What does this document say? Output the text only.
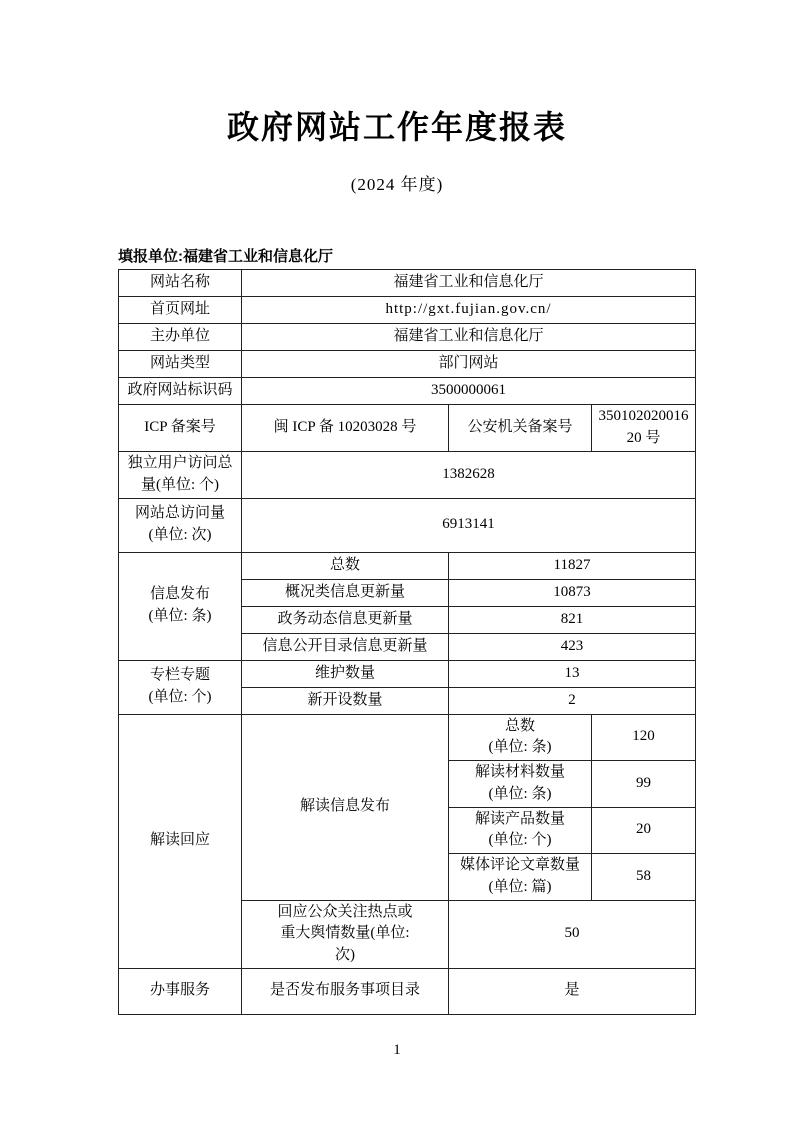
政府网站工作年度报表
(2024 年度)
填报单位:福建省工业和信息化厅
网站名称	福建省工业和信息化厅		
首页网址	http://gxt.fujian.gov.cn/		
主办单位	福建省工业和信息化厅		
网站类型	部门网站		
政府网站标识码	3500000061		
ICP 备案号	闽 ICP 备 10203028 号	公安机关备案号	35010202001620 号
独立用户访问总
量(单位: 个)	1382628		
网站总访问量
(单位: 次)	6913141		
信息发布
(单位: 条)	总数	11827	
	概况类信息更新量	10873	
	政务动态信息更新量	821	
	信息公开目录信息更新量	423	
专栏专题
(单位: 个)	维护数量	13	
	新开设数量	2	
解读回应	解读信息发布	总数
(单位: 条)	120
		解读材料数量
(单位: 条)	99
		解读产品数量
(单位: 个)	20
		媒体评论文章数量
(单位: 篇)	58
	回应公众关注热点或
重大舆情数量(单位:
次)	50	
办事服务	是否发布服务事项目录	是	
1
